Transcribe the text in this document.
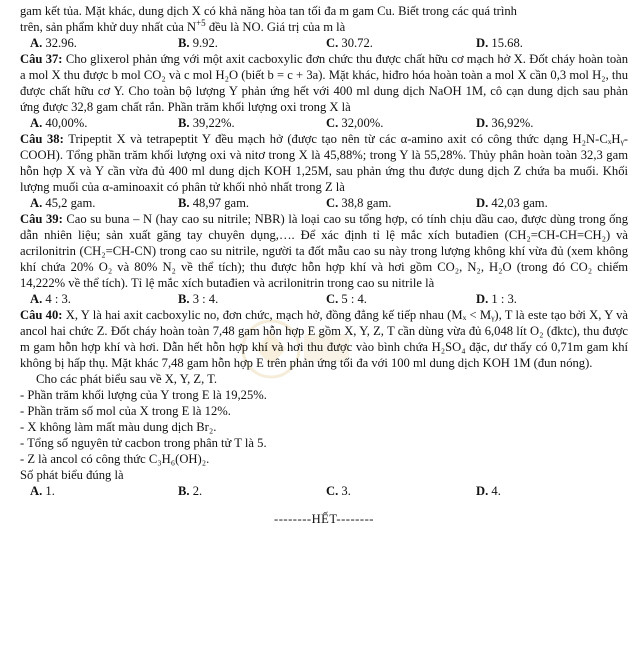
gam kết tủa. Mặt khác, dung dịch X có khả năng hòa tan tối đa m gam Cu. Biết trong các quá trình

trên, sản phẩm khử duy nhất của $N^{+5}$ đều là NO. Giá trị của m là

A. 32.96.	B. 9.92.	C. 30.72.	D. 15.68.

Câu 37: Cho glixerol phản ứng với một axit cacboxylic đơn chức thu được chất hữu cơ mạch hở X. Đốt cháy hoàn toàn a mol X thu được b mol CO₂ và c mol H₂O (biết b = c + 3a). Mặt khác, hiđro hóa hoàn toàn a mol X cần 0,3 mol H₂, thu được chất hữu cơ Y. Cho toàn bộ lượng Y phản ứng hết với 400 ml dung dịch NaOH 1M, cô cạn dung dịch sau phản ứng được 32,8 gam chất rắn. Phần trăm khối lượng oxi trong X là

A. 40,00%.	B. 39,22%.	C. 32,00%.	D. 36,92%.

Câu 38: Tripeptit X và tetrapeptit Y đều mạch hở (được tạo nên từ các α-amino axit có công thức dạng H₂N-CₓHᵧ-COOH). Tổng phần trăm khối lượng oxi và nitơ trong X là 45,88%; trong Y là 55,28%. Thủy phân hoàn toàn 32,3 gam hỗn hợp X và Y cần vừa đủ 400 ml dung dịch KOH 1,25M, sau phản ứng thu được dung dịch Z chứa ba muối. Khối lượng muối của α-aminoaxit có phân tử khối nhỏ nhất trong Z là

A. 45,2 gam.	B. 48,97 gam.	C. 38,8 gam.	D. 42,03 gam.

Câu 39: Cao su buna – N (hay cao su nitrile; NBR) là loại cao su tổng hợp, có tính chịu dầu cao, được dùng trong ống dẫn nhiên liệu; sản xuất găng tay chuyên dụng,…. Để xác định tỉ lệ mắc xích butađien (CH₂=CH-CH=CH₂) và acrilonitrin (CH₂=CH-CN) trong cao su nitrile, người ta đốt mẫu cao su này trong lượng không khí vừa đủ (xem không khí chứa 20% O₂ và 80% N₂ về thể tích); thu được hỗn hợp khí và hơi gồm CO₂, N₂, H₂O (trong đó CO₂ chiếm 14,222% về thể tích). Tỉ lệ mắc xích butađien và acrilonitrin trong cao su nitrile là

A. 4 : 3.	B. 3 : 4.	C. 5 : 4.	D. 1 : 3.

Câu 40: X, Y là hai axit cacboxylic no, đơn chức, mạch hở, đồng đẳng kế tiếp nhau (Mₓ < Mᵧ), T là este tạo bởi X, Y và ancol hai chức Z. Đốt cháy hoàn toàn 7,48 gam hỗn hợp E gồm X, Y, Z, T cần dùng vừa đủ 6,048 lít O₂ (đktc), thu được m gam hỗn hợp khí và hơi. Dẫn hết hỗn hợp khí và hơi thu được vào bình chứa H₂SO₄ đặc, dư thấy có 0,71m gam khí không bị hấp thụ. Mặt khác 7,48 gam hỗn hợp E trên phản ứng tối đa với 100 ml dung dịch KOH 1M (đun nóng).

Cho các phát biểu sau về X, Y, Z, T.

- Phần trăm khối lượng của Y trong E là 19,25%.

- Phần trăm số mol của X trong E là 12%.

- X không làm mất màu dung dịch Br₂.

- Tổng số nguyên tử cacbon trong phân tử T là 5.

- Z là ancol có công thức C₃H₆(OH)₂.

Số phát biểu đúng là

A. 1.	B. 2.	C. 3.	D. 4.

--------HẾT--------
